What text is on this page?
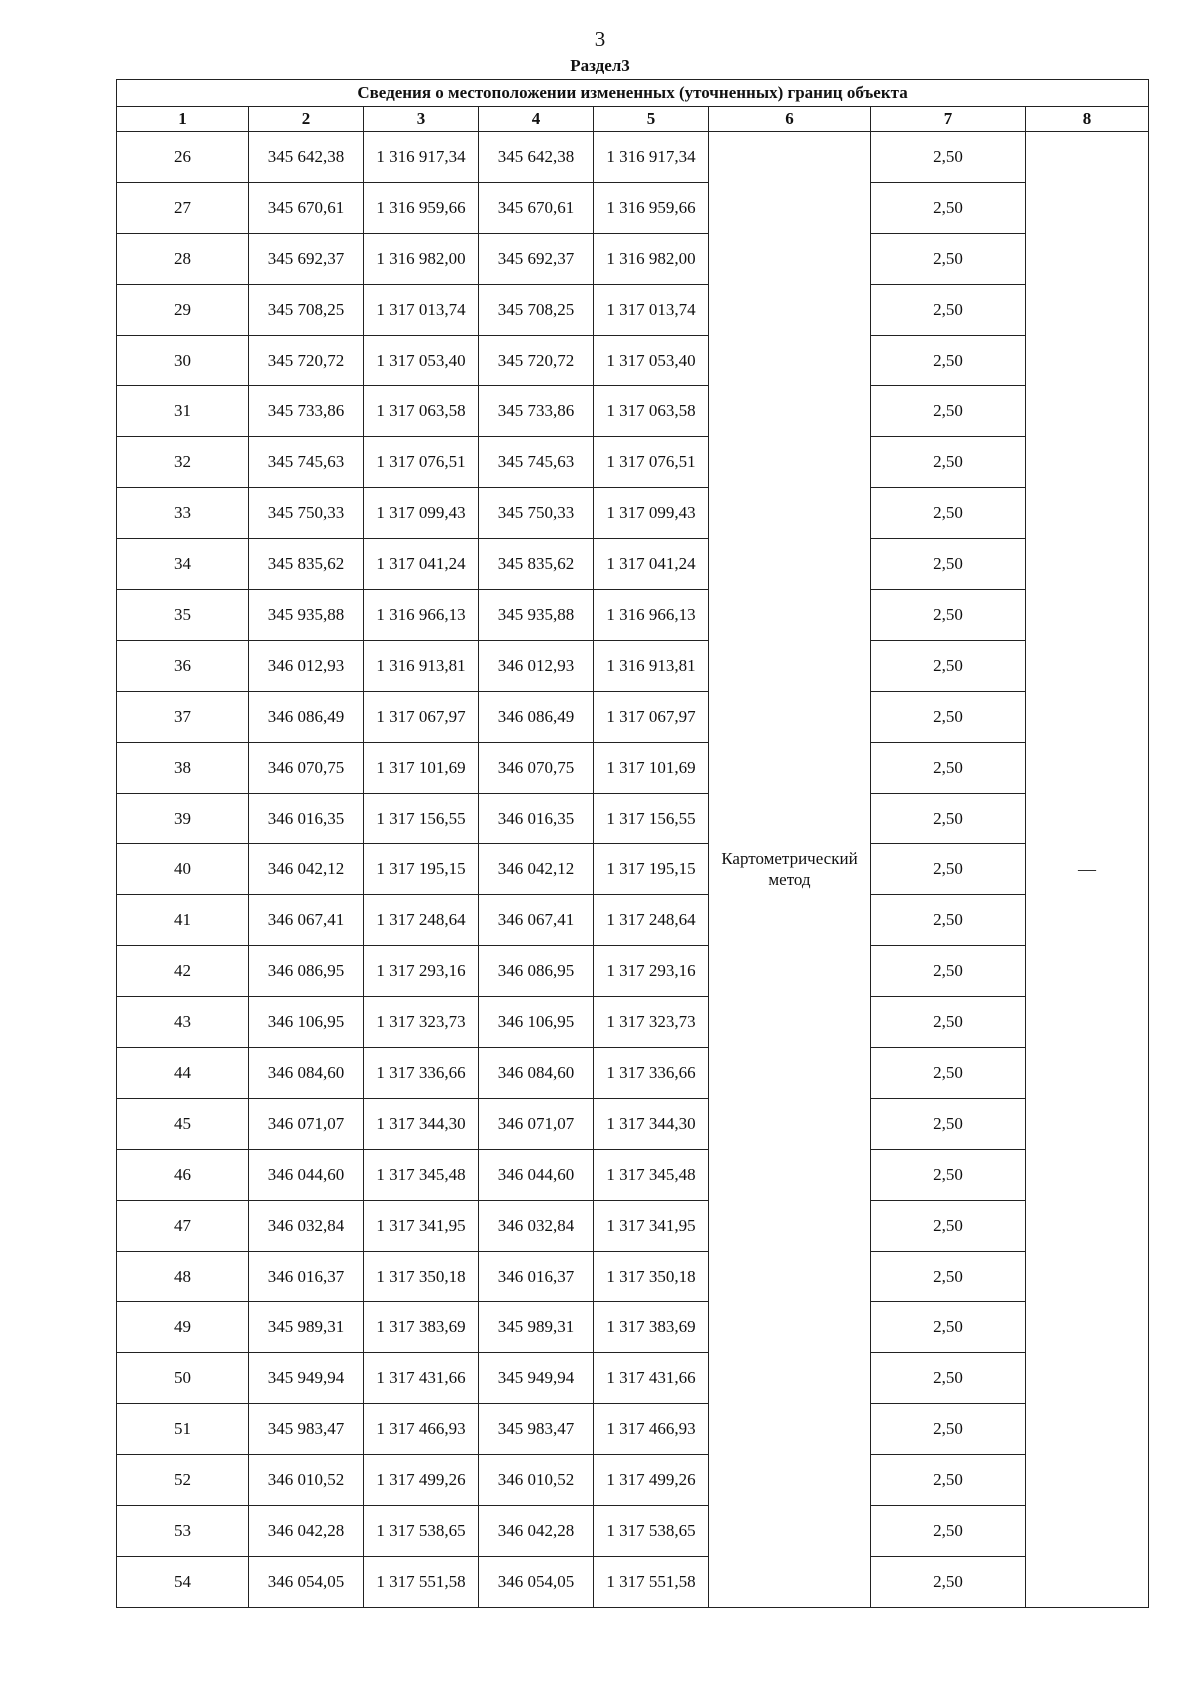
3
Раздел3
Сведения о местоположении измененных (уточненных) границ объекта							
1	2	3	4	5	6	7	8
26	345 642,38	1 316 917,34	345 642,38	1 316 917,34	Картометрический метод	2,50	—
27	345 670,61	1 316 959,66	345 670,61	1 316 959,66		2,50	
28	345 692,37	1 316 982,00	345 692,37	1 316 982,00		2,50	
29	345 708,25	1 317 013,74	345 708,25	1 317 013,74		2,50	
30	345 720,72	1 317 053,40	345 720,72	1 317 053,40		2,50	
31	345 733,86	1 317 063,58	345 733,86	1 317 063,58		2,50	
32	345 745,63	1 317 076,51	345 745,63	1 317 076,51		2,50	
33	345 750,33	1 317 099,43	345 750,33	1 317 099,43		2,50	
34	345 835,62	1 317 041,24	345 835,62	1 317 041,24		2,50	
35	345 935,88	1 316 966,13	345 935,88	1 316 966,13		2,50	
36	346 012,93	1 316 913,81	346 012,93	1 316 913,81		2,50	
37	346 086,49	1 317 067,97	346 086,49	1 317 067,97		2,50	
38	346 070,75	1 317 101,69	346 070,75	1 317 101,69		2,50	
39	346 016,35	1 317 156,55	346 016,35	1 317 156,55		2,50	
40	346 042,12	1 317 195,15	346 042,12	1 317 195,15		2,50	
41	346 067,41	1 317 248,64	346 067,41	1 317 248,64		2,50	
42	346 086,95	1 317 293,16	346 086,95	1 317 293,16		2,50	
43	346 106,95	1 317 323,73	346 106,95	1 317 323,73		2,50	
44	346 084,60	1 317 336,66	346 084,60	1 317 336,66		2,50	
45	346 071,07	1 317 344,30	346 071,07	1 317 344,30		2,50	
46	346 044,60	1 317 345,48	346 044,60	1 317 345,48		2,50	
47	346 032,84	1 317 341,95	346 032,84	1 317 341,95		2,50	
48	346 016,37	1 317 350,18	346 016,37	1 317 350,18		2,50	
49	345 989,31	1 317 383,69	345 989,31	1 317 383,69		2,50	
50	345 949,94	1 317 431,66	345 949,94	1 317 431,66		2,50	
51	345 983,47	1 317 466,93	345 983,47	1 317 466,93		2,50	
52	346 010,52	1 317 499,26	346 010,52	1 317 499,26		2,50	
53	346 042,28	1 317 538,65	346 042,28	1 317 538,65		2,50	
54	346 054,05	1 317 551,58	346 054,05	1 317 551,58		2,50	
